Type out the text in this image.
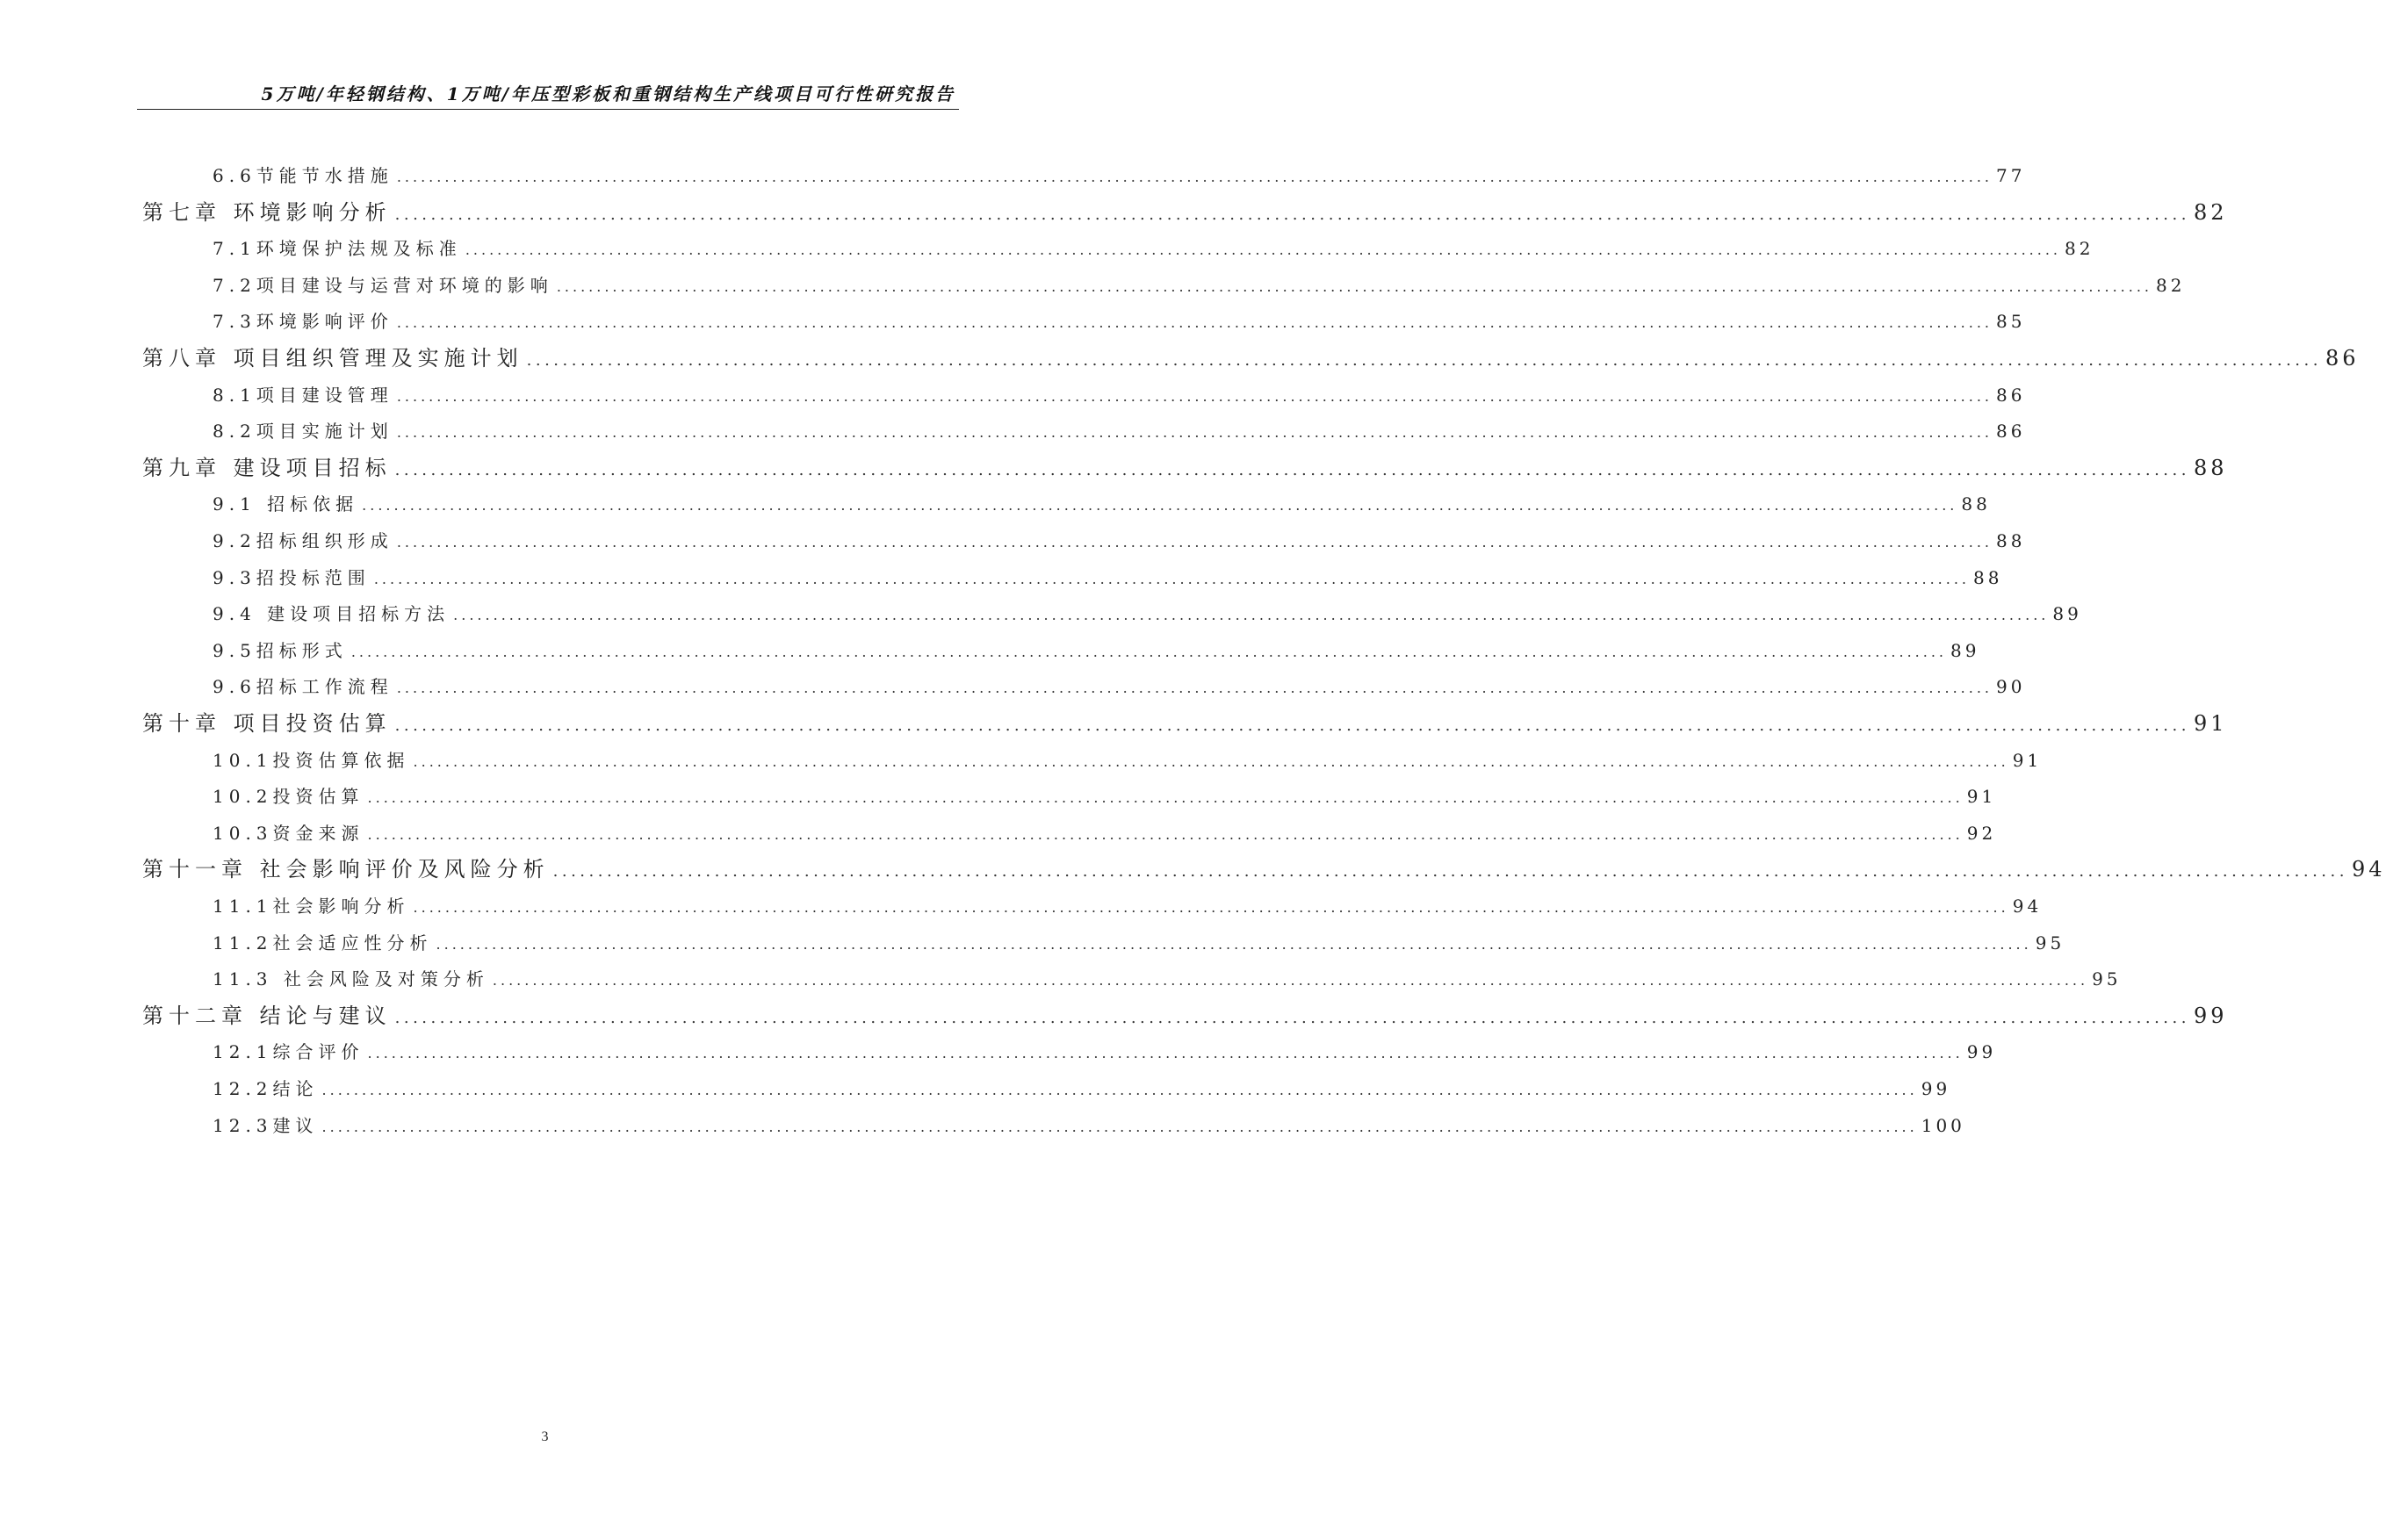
5万吨/年轻钢结构、1万吨/年压型彩板和重钢结构生产线项目可行性研究报告
6.6节能节水措施 ........................................................................................................................................................................................................ 77
第七章 环境影响分析 ........................................................................................................................................................................................................ 82
7.1环境保护法规及标准 ........................................................................................................................................................................................................ 82
7.2项目建设与运营对环境的影响 ........................................................................................................................................................................................................ 82
7.3环境影响评价 ........................................................................................................................................................................................................ 85
第八章 项目组织管理及实施计划 ........................................................................................................................................................................................................ 86
8.1项目建设管理 ........................................................................................................................................................................................................ 86
8.2项目实施计划 ........................................................................................................................................................................................................ 86
第九章 建设项目招标 ........................................................................................................................................................................................................ 88
9.1 招标依据 ........................................................................................................................................................................................................ 88
9.2招标组织形成 ........................................................................................................................................................................................................ 88
9.3招投标范围 ........................................................................................................................................................................................................ 88
9.4 建设项目招标方法 ........................................................................................................................................................................................................ 89
9.5招标形式 ........................................................................................................................................................................................................ 89
9.6招标工作流程 ........................................................................................................................................................................................................ 90
第十章 项目投资估算 ........................................................................................................................................................................................................ 91
10.1投资估算依据 ........................................................................................................................................................................................................ 91
10.2投资估算 ........................................................................................................................................................................................................ 91
10.3资金来源 ........................................................................................................................................................................................................ 92
第十一章 社会影响评价及风险分析 ........................................................................................................................................................................................................ 94
11.1社会影响分析 ........................................................................................................................................................................................................ 94
11.2社会适应性分析 ........................................................................................................................................................................................................ 95
11.3 社会风险及对策分析 ........................................................................................................................................................................................................ 95
第十二章 结论与建议 ........................................................................................................................................................................................................ 99
12.1综合评价 ........................................................................................................................................................................................................ 99
12.2结论 ........................................................................................................................................................................................................ 99
12.3建议 ........................................................................................................................................................................................................ 100
3
